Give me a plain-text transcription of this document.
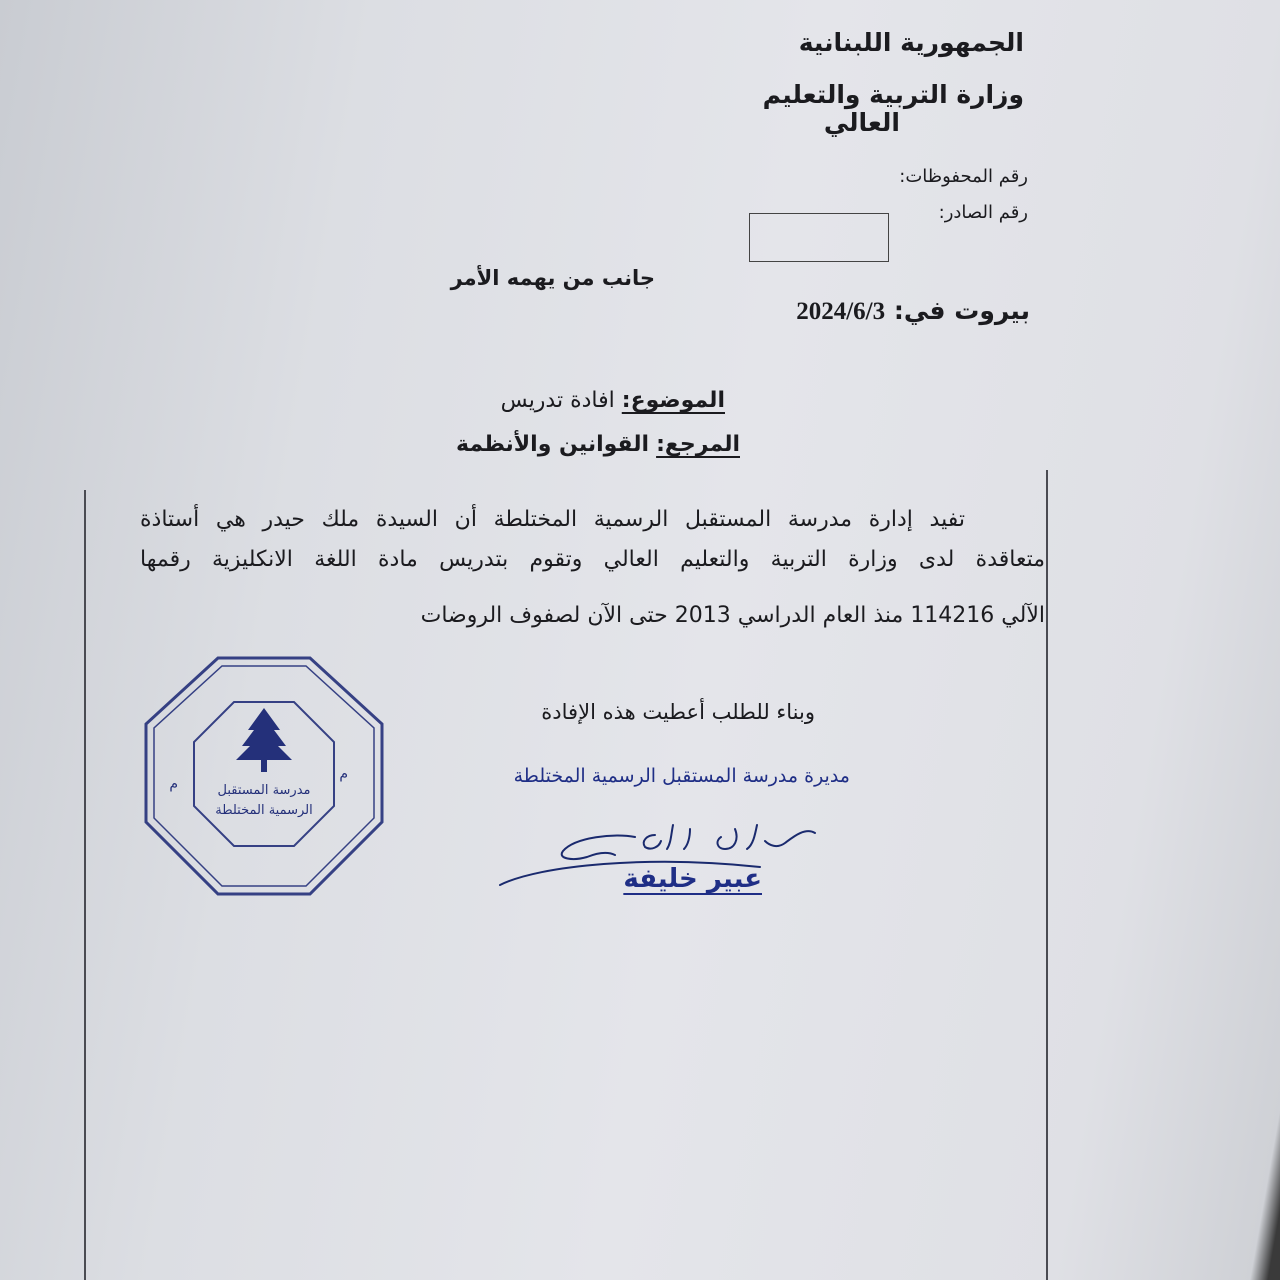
الجمهورية اللبنانية
وزارة التربية والتعليم
العالي
رقم المحفوظات:
رقم الصادر:
جانب من يهمه الأمر
بيروت في: 2024/6/3
الموضوع: افادة تدريس
المرجع: القوانين والأنظمة
تفيد إدارة مدرسة المستقبل الرسمية المختلطة أن السيدة ملك حيدر هي أستاذة
متعاقدة لدى وزارة التربية والتعليم العالي وتقوم بتدريس مادة اللغة الانكليزية رقمها
الآلي 114216 منذ العام الدراسي 2013 حتى الآن لصفوف الروضات
وبناء للطلب أعطيت هذه الإفادة
مديرة مدرسة المستقبل الرسمية المختلطة
عبير خليفة
مدرسة المستقبل
الرسمية المختلطة
م
م
